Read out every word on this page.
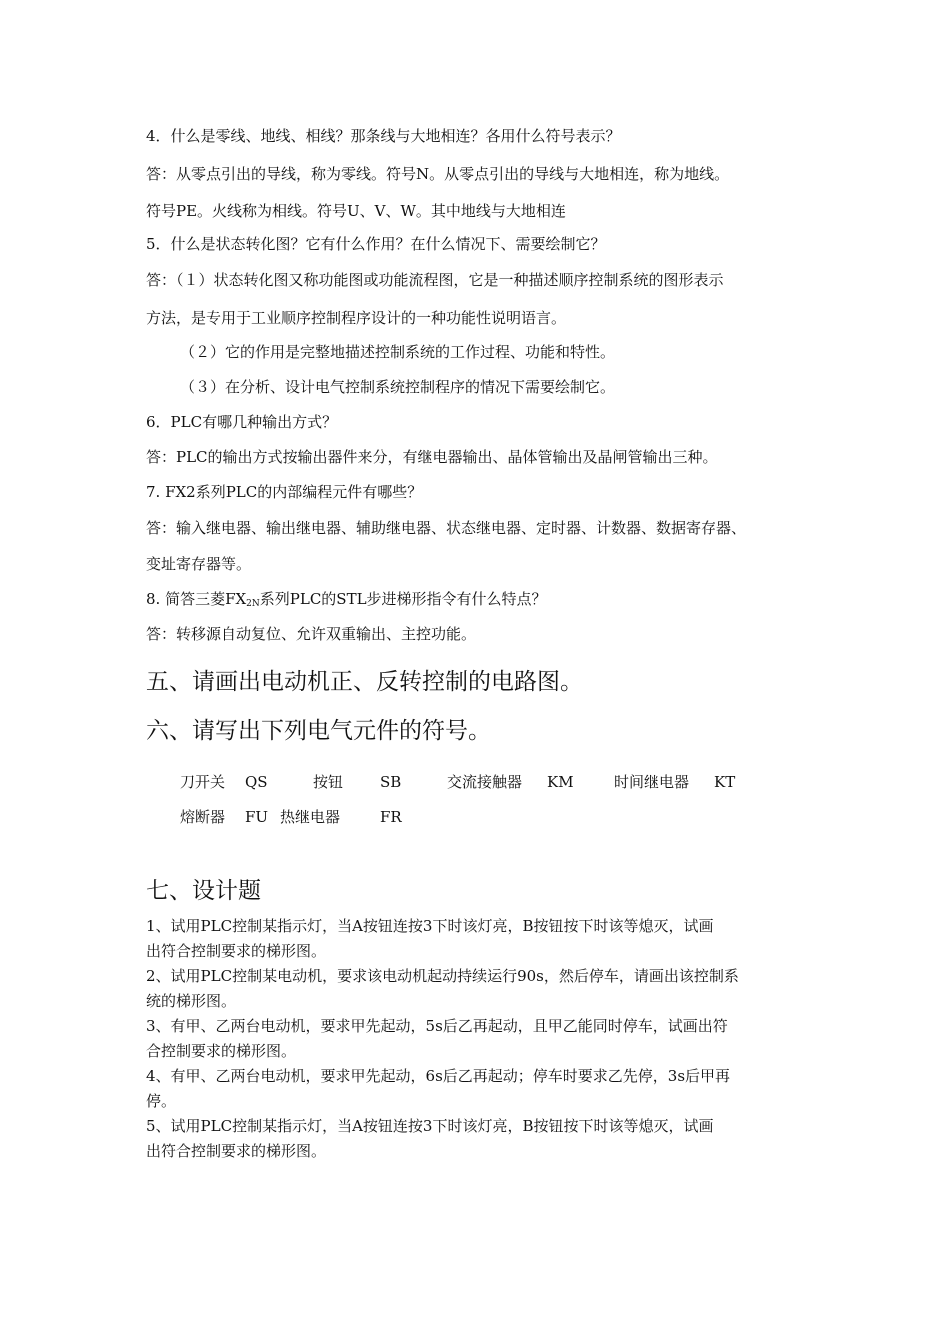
4．什么是零线、地线、相线？那条线与大地相连？各用什么符号表示？
答：从零点引出的导线，称为零线。符号N。从零点引出的导线与大地相连，称为地线。
符号PE。火线称为相线。符号U、V、W。其中地线与大地相连
5．什么是状态转化图？它有什么作用？在什么情况下、需要绘制它？
答：（１）状态转化图又称功能图或功能流程图，它是一种描述顺序控制系统的图形表示
方法，是专用于工业顺序控制程序设计的一种功能性说明语言。
（２）它的作用是完整地描述控制系统的工作过程、功能和特性。
（３）在分析、设计电气控制系统控制程序的情况下需要绘制它。
6．PLC有哪几种输出方式？
答：PLC的输出方式按输出器件来分，有继电器输出、晶体管输出及晶闸管输出三种。
7. FX2系列PLC的内部编程元件有哪些？
答：输入继电器、输出继电器、辅助继电器、状态继电器、定时器、计数器、数据寄存器、
变址寄存器等。
8. 简答三菱$FX_{2N}$系列PLC的STL步进梯形指令有什么特点？
答：转移源自动复位、允许双重输出、主控功能。
五、请画出电动机正、反转控制的电路图。
六、请写出下列电气元件的符号。
刀开关 QS	按钮 SB	交流接触器 KM	时间继电器 KT
熔断器 FU 热继电器	FR
七、设计题
1、试用PLC控制某指示灯，当A按钮连按3下时该灯亮，B按钮按下时该等熄灭，试画
出符合控制要求的梯形图。
2、试用PLC控制某电动机，要求该电动机起动持续运行90s，然后停车，请画出该控制系
统的梯形图。
3、有甲、乙两台电动机，要求甲先起动，5s后乙再起动，且甲乙能同时停车，试画出符
合控制要求的梯形图。
4、有甲、乙两台电动机，要求甲先起动，6s后乙再起动；停车时要求乙先停，3s后甲再
停。
5、试用PLC控制某指示灯，当A按钮连按3下时该灯亮，B按钮按下时该等熄灭，试画
出符合控制要求的梯形图。
